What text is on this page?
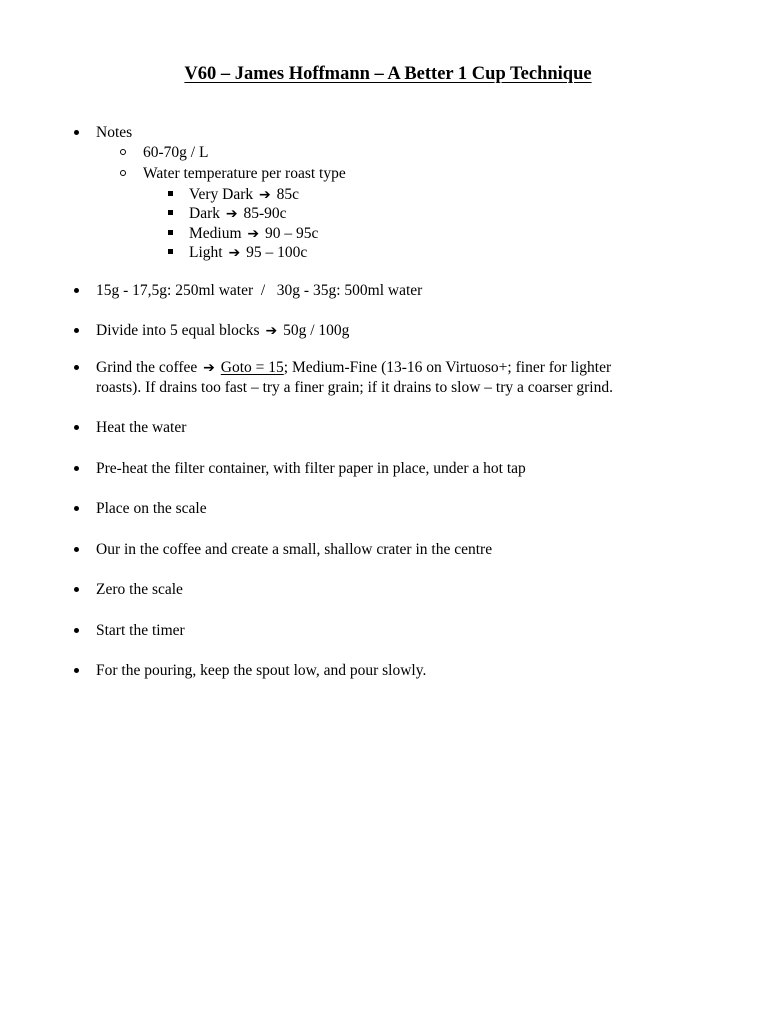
V60 – James Hoffmann – A Better 1 Cup Technique
Notes
60-70g / L
Water temperature per roast type
Very Dark ➔ 85c
Dark ➔ 85-90c
Medium ➔ 90 – 95c
Light ➔ 95 – 100c
15g - 17,5g: 250ml water  /   30g - 35g: 500ml water
Divide into 5 equal blocks ➔ 50g / 100g
Grind the coffee ➔ Goto = 15; Medium-Fine (13-16 on Virtuoso+; finer for lighter
roasts). If drains too fast – try a finer grain; if it drains to slow – try a coarser grind.
Heat the water
Pre-heat the filter container, with filter paper in place, under a hot tap
Place on the scale
Our in the coffee and create a small, shallow crater in the centre
Zero the scale
Start the timer
For the pouring, keep the spout low, and pour slowly.
